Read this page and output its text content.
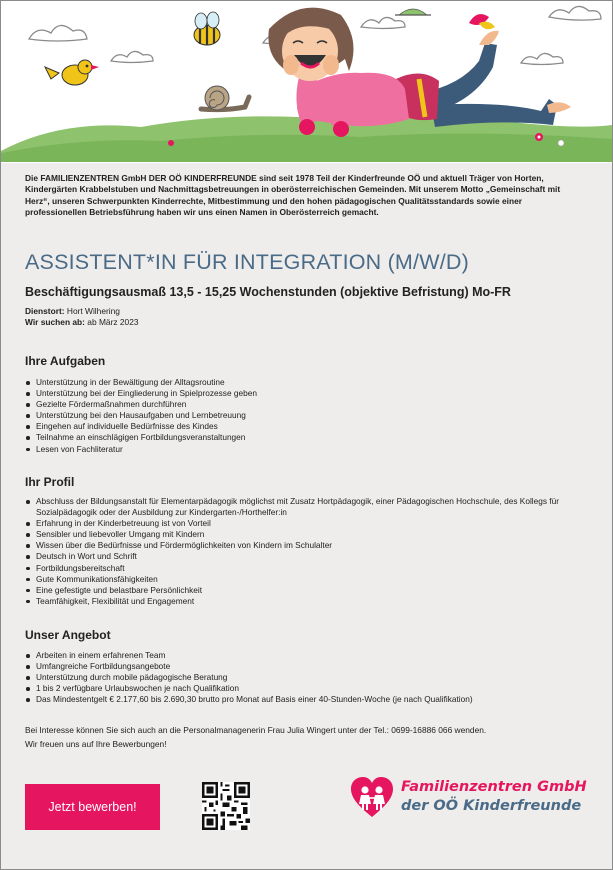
Die FAMILIENZENTREN GmbH DER OÖ KINDERFREUNDE sind seit 1978 Teil der Kinderfreunde OÖ und aktuell Träger von Horten, Kindergärten Krabbelstuben und Nachmittagsbetreuungen in oberösterreichischen Gemeinden. Mit unserem Motto „Gemeinschaft mit Herz“, unseren Schwerpunkten Kinderrechte, Mitbestimmung und den hohen pädagogischen Qualitätsstandards sowie einer professionellen Betriebsführung haben wir uns einen Namen in Oberösterreich gemacht.

ASSISTENT*IN FÜR INTEGRATION (M/W/D)
Beschäftigungsausmaß 13,5 - 15,25 Wochenstunden (objektive Befristung) Mo-FR
Dienstort: Hort Wilhering
Wir suchen ab: ab März 2023
Ihre Aufgaben
Unterstützung in der Bewältigung der Alltagsroutine
Unterstützung bei der Eingliederung in Spielprozesse geben
Gezielte Fördermaßnahmen durchführen
Unterstützung bei den Hausaufgaben und Lernbetreuung
Eingehen auf individuelle Bedürfnisse des Kindes
Teilnahme an einschlägigen Fortbildungsveranstaltungen
Lesen von Fachliteratur
Ihr Profil
Abschluss der Bildungsanstalt für Elementarpädagogik möglichst mit Zusatz Hortpädagogik, einer Pädagogischen Hochschule, des Kollegs für Sozialpädagogik oder der Ausbildung zur Kindergarten-/Horthelfer:in
Erfahrung in der Kinderbetreuung ist von Vorteil
Sensibler und liebevoller Umgang mit Kindern
Wissen über die Bedürfnisse und Fördermöglichkeiten von Kindern im Schulalter
Deutsch in Wort und Schrift
Fortbildungsbereitschaft
Gute Kommunikationsfähigkeiten
Eine gefestigte und belastbare Persönlichkeit
Teamfähigkeit, Flexibilität und Engagement
Unser Angebot
Arbeiten in einem erfahrenen Team
Umfangreiche Fortbildungsangebote
Unterstützung durch mobile pädagogische Beratung
1 bis 2 verfügbare Urlaubswochen je nach Qualifikation
Das Mindestentgelt € 2.177,60 bis 2.690,30 brutto pro Monat auf Basis einer 40-Stunden-Woche (je nach Qualifikation)
Bei Interesse können Sie sich auch an die Personalmanagenerin Frau Julia Wingert unter der Tel.: 0699-16886 066 wenden.
Wir freuen uns auf Ihre Bewerbungen!
Jetzt bewerben!
Familienzentren GmbH
der OÖ Kinderfreunde
